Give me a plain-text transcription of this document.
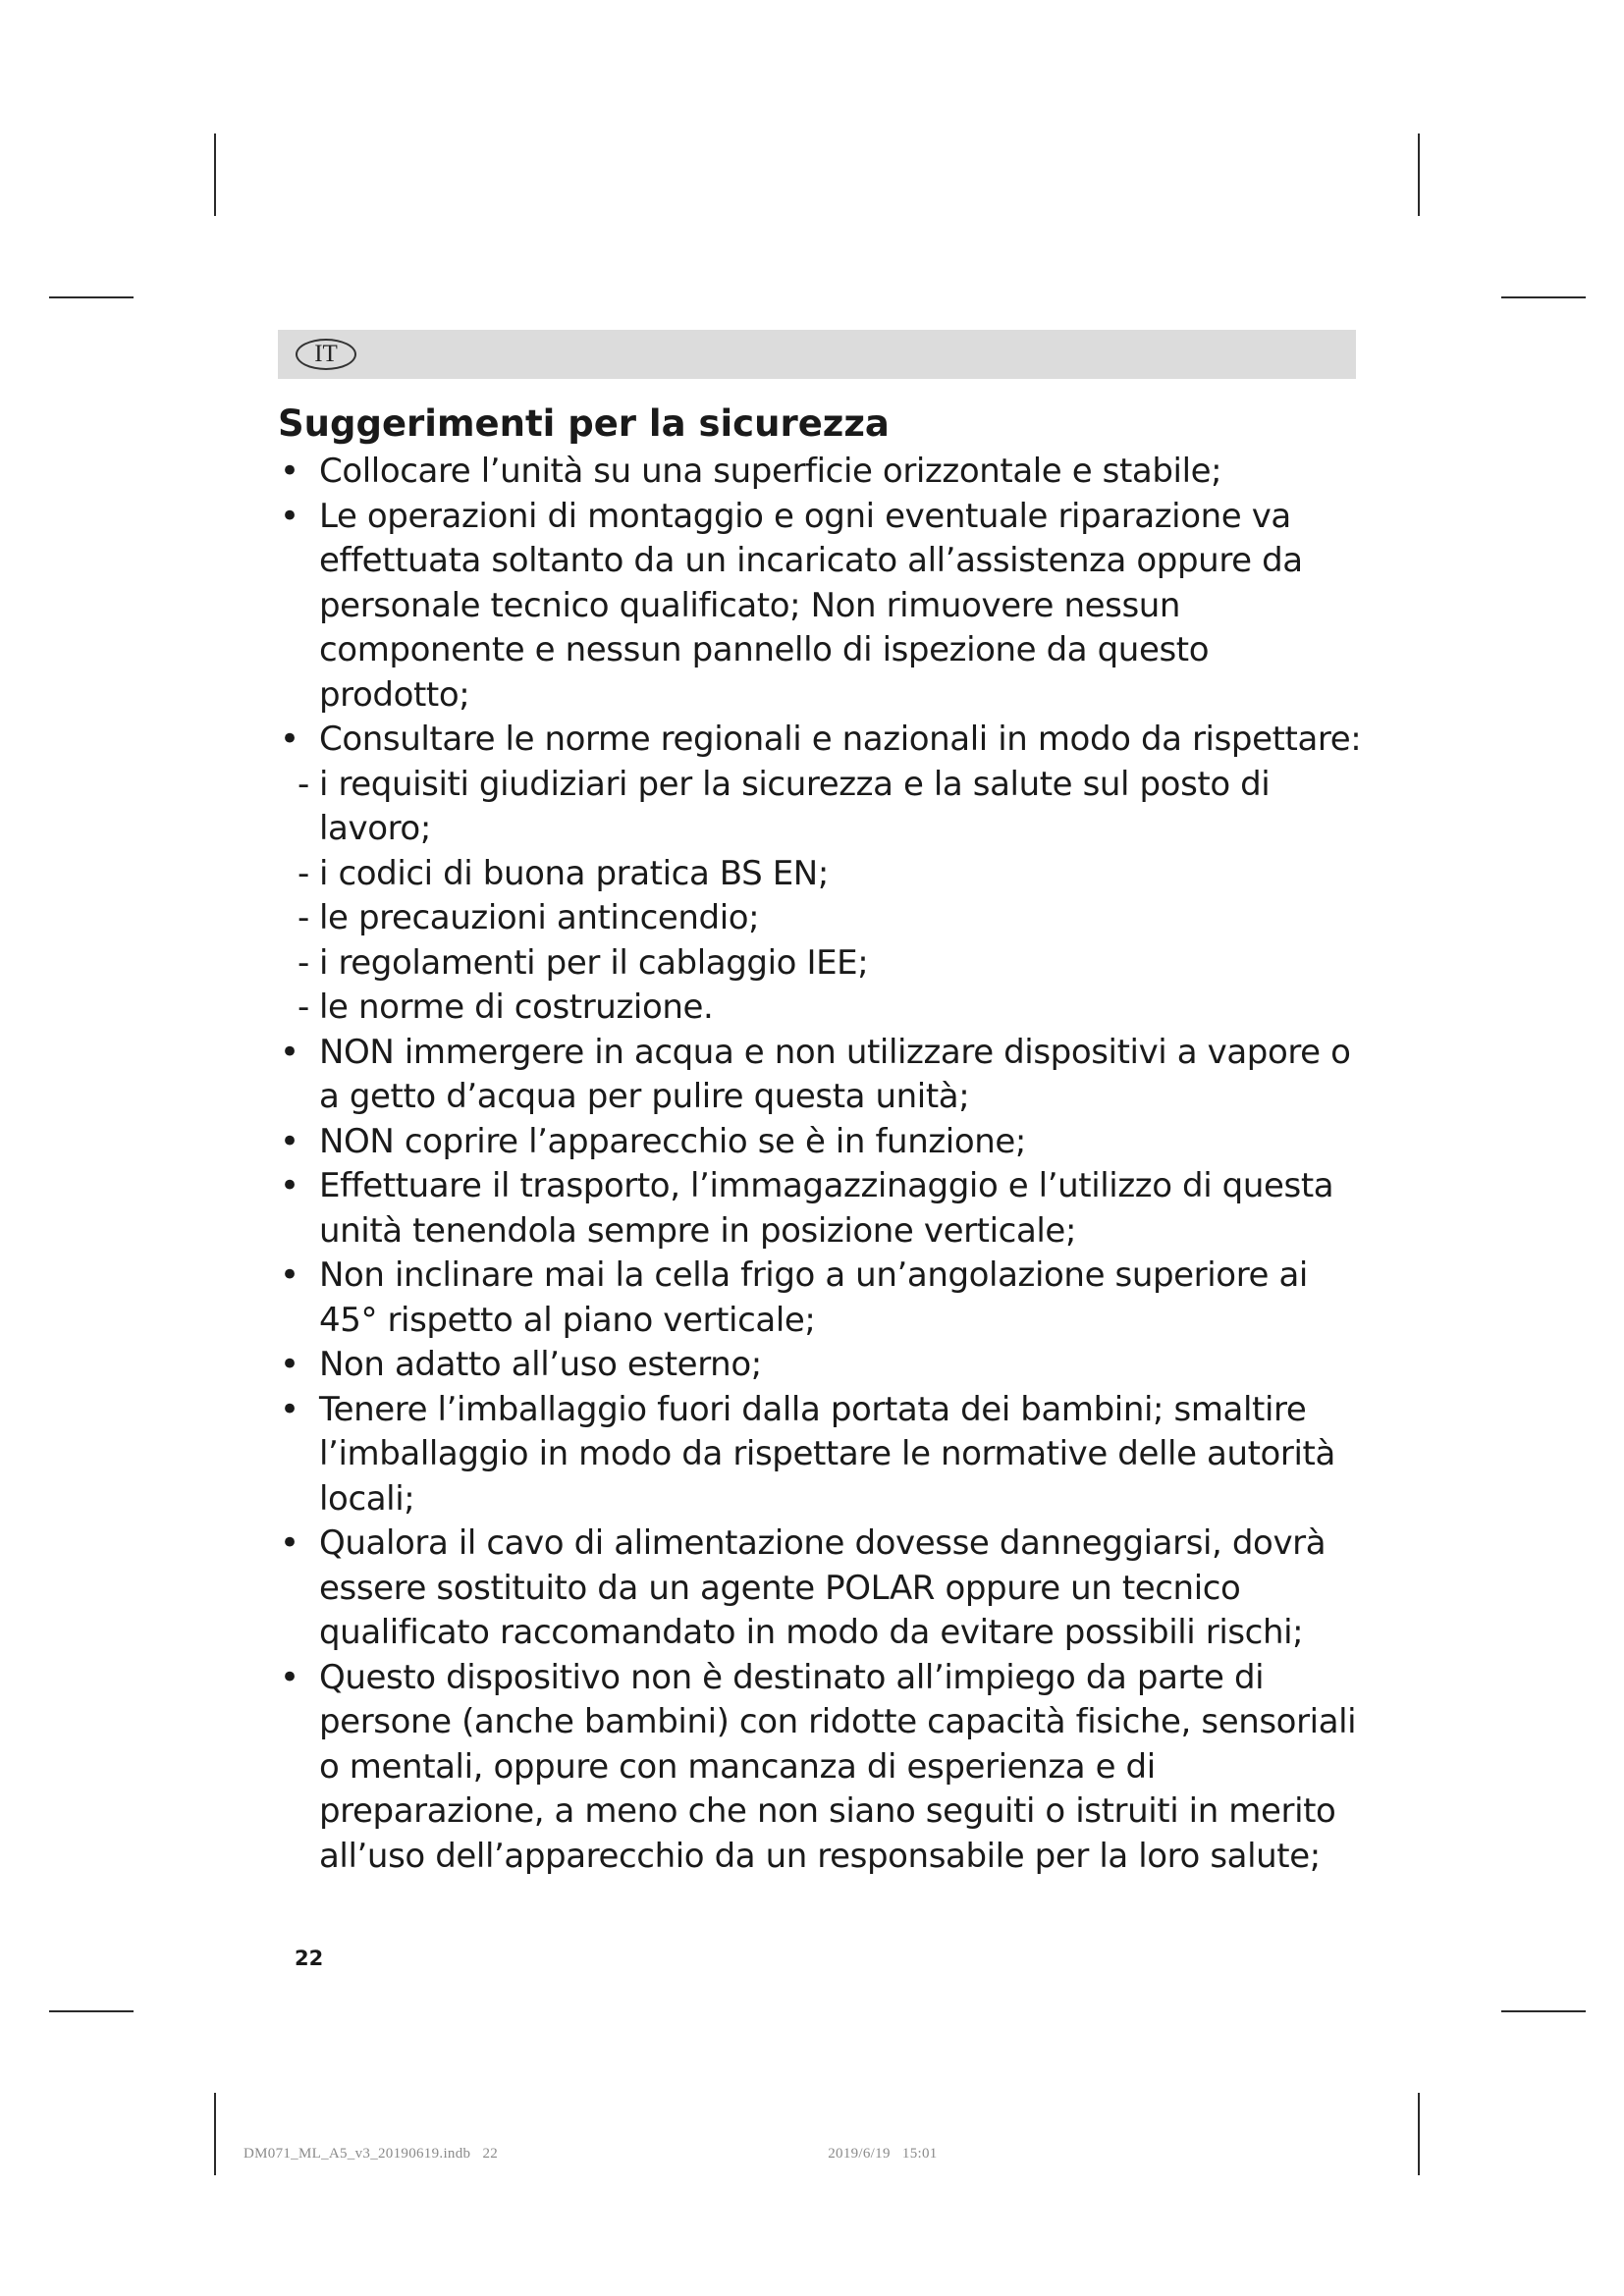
IT
Suggerimenti per la sicurezza
• Collocare l’unità su una superficie orizzontale e stabile;
• Le operazioni di montaggio e ogni eventuale riparazione va effettuata soltanto da un incaricato all’assistenza oppure da personale tecnico qualificato; Non rimuovere nessun componente e nessun pannello di ispezione da questo prodotto;
• Consultare le norme regionali e nazionali in modo da rispettare:
- i requisiti giudiziari per la sicurezza e la salute sul posto di lavoro;
- i codici di buona pratica BS EN;
- le precauzioni antincendio;
- i regolamenti per il cablaggio IEE;
- le norme di costruzione.
• NON immergere in acqua e non utilizzare dispositivi a vapore o a getto d’acqua per pulire questa unità;
• NON coprire l’apparecchio se è in funzione;
• Effettuare il trasporto, l’immagazzinaggio e l’utilizzo di questa unità tenendola sempre in posizione verticale;
• Non inclinare mai la cella frigo a un’angolazione superiore ai 45° rispetto al piano verticale;
• Non adatto all’uso esterno;
• Tenere l’imballaggio fuori dalla portata dei bambini; smaltire l’imballaggio in modo da rispettare le normative delle autorità locali;
• Qualora il cavo di alimentazione dovesse danneggiarsi, dovrà essere sostituito da un agente POLAR oppure un tecnico qualificato raccomandato in modo da evitare possibili rischi;
• Questo dispositivo non è destinato all’impiego da parte di persone (anche bambini) con ridotte capacità fisiche, sensoriali o mentali, oppure con mancanza di esperienza e di preparazione, a meno che non siano seguiti o istruiti in merito all’uso dell’apparecchio da un responsabile per la loro salute;
22
DM071_ML_A5_v3_20190619.indb   22                                                                                   2019/6/19   15:01
